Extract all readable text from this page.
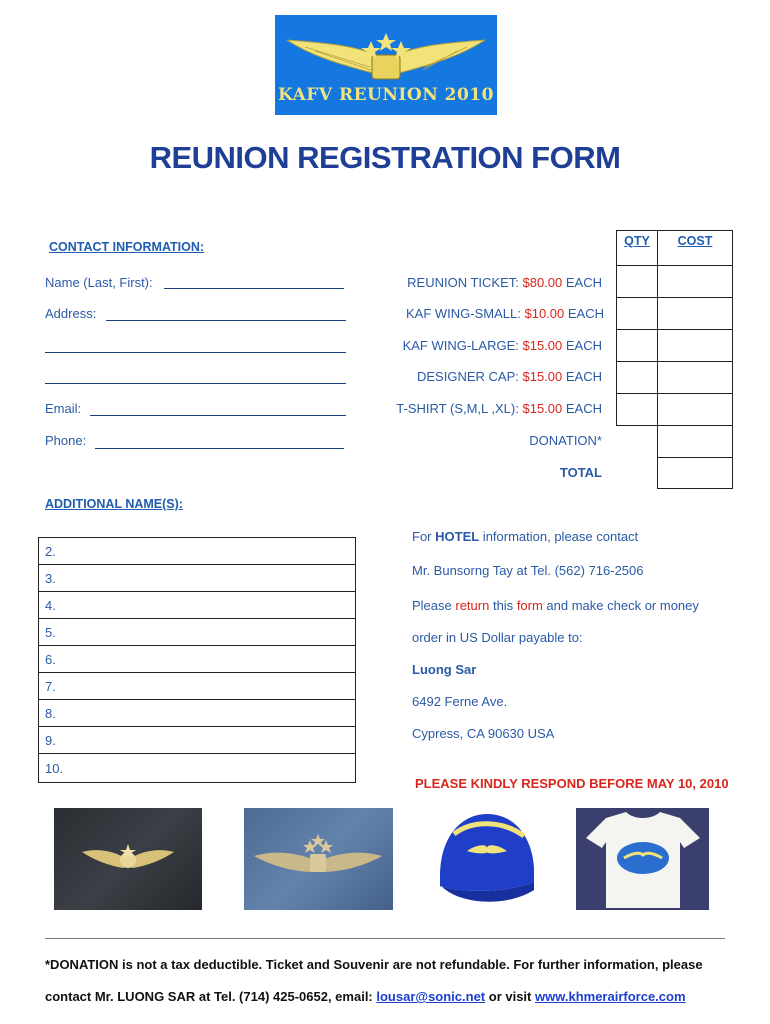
KAFV REUNION 2010
REUNION REGISTRATION FORM
CONTACT INFORMATION:
Name (Last, First):
Address:
Email:
Phone:
REUNION TICKET: $80.00 EACH
KAF WING-SMALL: $10.00 EACH
KAF WING-LARGE: $15.00 EACH
DESIGNER CAP: $15.00 EACH
T-SHIRT (S,M,L ,XL): $15.00 EACH
DONATION*
TOTAL
QTY	COST

ADDITIONAL NAME(S):
2.
3.
4.
5.
6.
7.
8.
9.
10.
For HOTEL information, please contact
Mr. Bunsorng Tay at Tel. (562) 716-2506
Please return this form and make check or money
order in US Dollar payable to:
Luong Sar
6492 Ferne Ave.
Cypress, CA 90630 USA
PLEASE KINDLY RESPOND BEFORE MAY 10, 2010
*DONATION is not a tax deductible. Ticket and Souvenir are not refundable. For further information, please
contact Mr. LUONG SAR at Tel. (714) 425-0652, email: lousar@sonic.net or visit www.khmerairforce.com
